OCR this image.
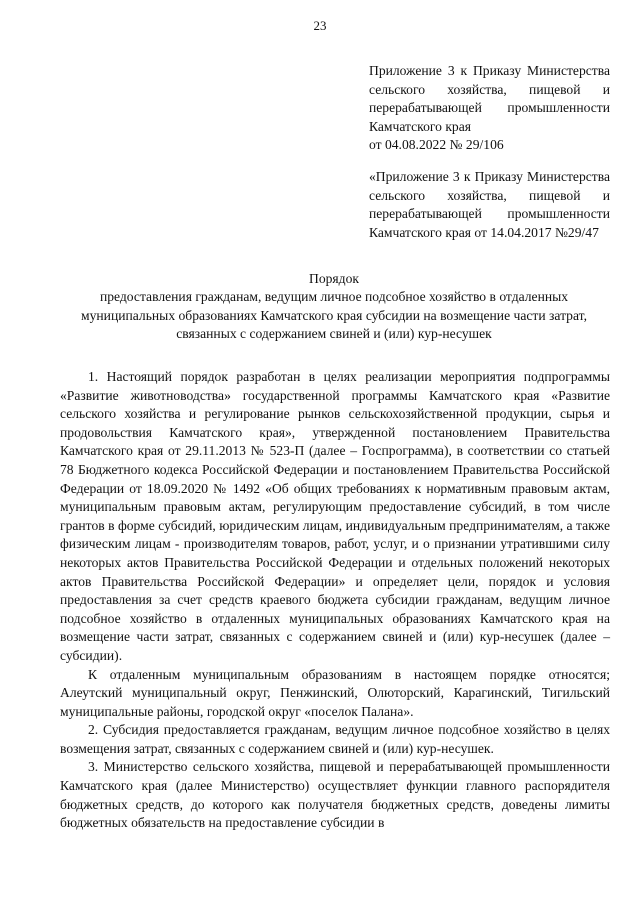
23
Приложение 3 к Приказу Министерства сельского хозяйства, пищевой и перерабатывающей промышленности Камчатского края
от 04.08.2022 № 29/106
«Приложение 3 к Приказу Министерства сельского хозяйства, пищевой и перерабатывающей промышленности Камчатского края от 14.04.2017 №29/47
Порядок
предоставления гражданам, ведущим личное подсобное хозяйство в отдаленных муниципальных образованиях Камчатского края субсидии на возмещение части затрат, связанных с содержанием свиней и (или) кур-несушек

1. Настоящий порядок разработан в целях реализации мероприятия подпрограммы «Развитие животноводства» государственной программы Камчатского края «Развитие сельского хозяйства и регулирование рынков сельскохозяйственной продукции, сырья и продовольствия Камчатского края», утвержденной постановлением Правительства Камчатского края от 29.11.2013 № 523-П (далее – Госпрограмма), в соответствии со статьей 78 Бюджетного кодекса Российской Федерации и постановлением Правительства Российской Федерации от 18.09.2020 № 1492 «Об общих требованиях к нормативным правовым актам, муниципальным правовым актам, регулирующим предоставление субсидий, в том числе грантов в форме субсидий, юридическим лицам, индивидуальным предпринимателям, а также физическим лицам - производителям товаров, работ, услуг, и о признании утратившими силу некоторых актов Правительства Российской Федерации и отдельных положений некоторых актов Правительства Российской Федерации» и определяет цели, порядок и условия предоставления за счет средств краевого бюджета субсидии гражданам, ведущим личное подсобное хозяйство в отдаленных муниципальных образованиях Камчатского края на возмещение части затрат, связанных с содержанием свиней и (или) кур-несушек (далее – субсидии).

К отдаленным муниципальным образованиям в настоящем порядке относятся; Алеутский муниципальный округ, Пенжинский, Олюторский, Карагинский, Тигильский муниципальные районы, городской округ «поселок Палана».

2. Субсидия предоставляется гражданам, ведущим личное подсобное хозяйство в целях возмещения затрат, связанных с содержанием свиней и (или) кур-несушек.

3. Министерство сельского хозяйства, пищевой и перерабатывающей промышленности Камчатского края (далее Министерство) осуществляет функции главного распорядителя бюджетных средств, до которого как получателя бюджетных средств, доведены лимиты бюджетных обязательств на предоставление субсидии в
